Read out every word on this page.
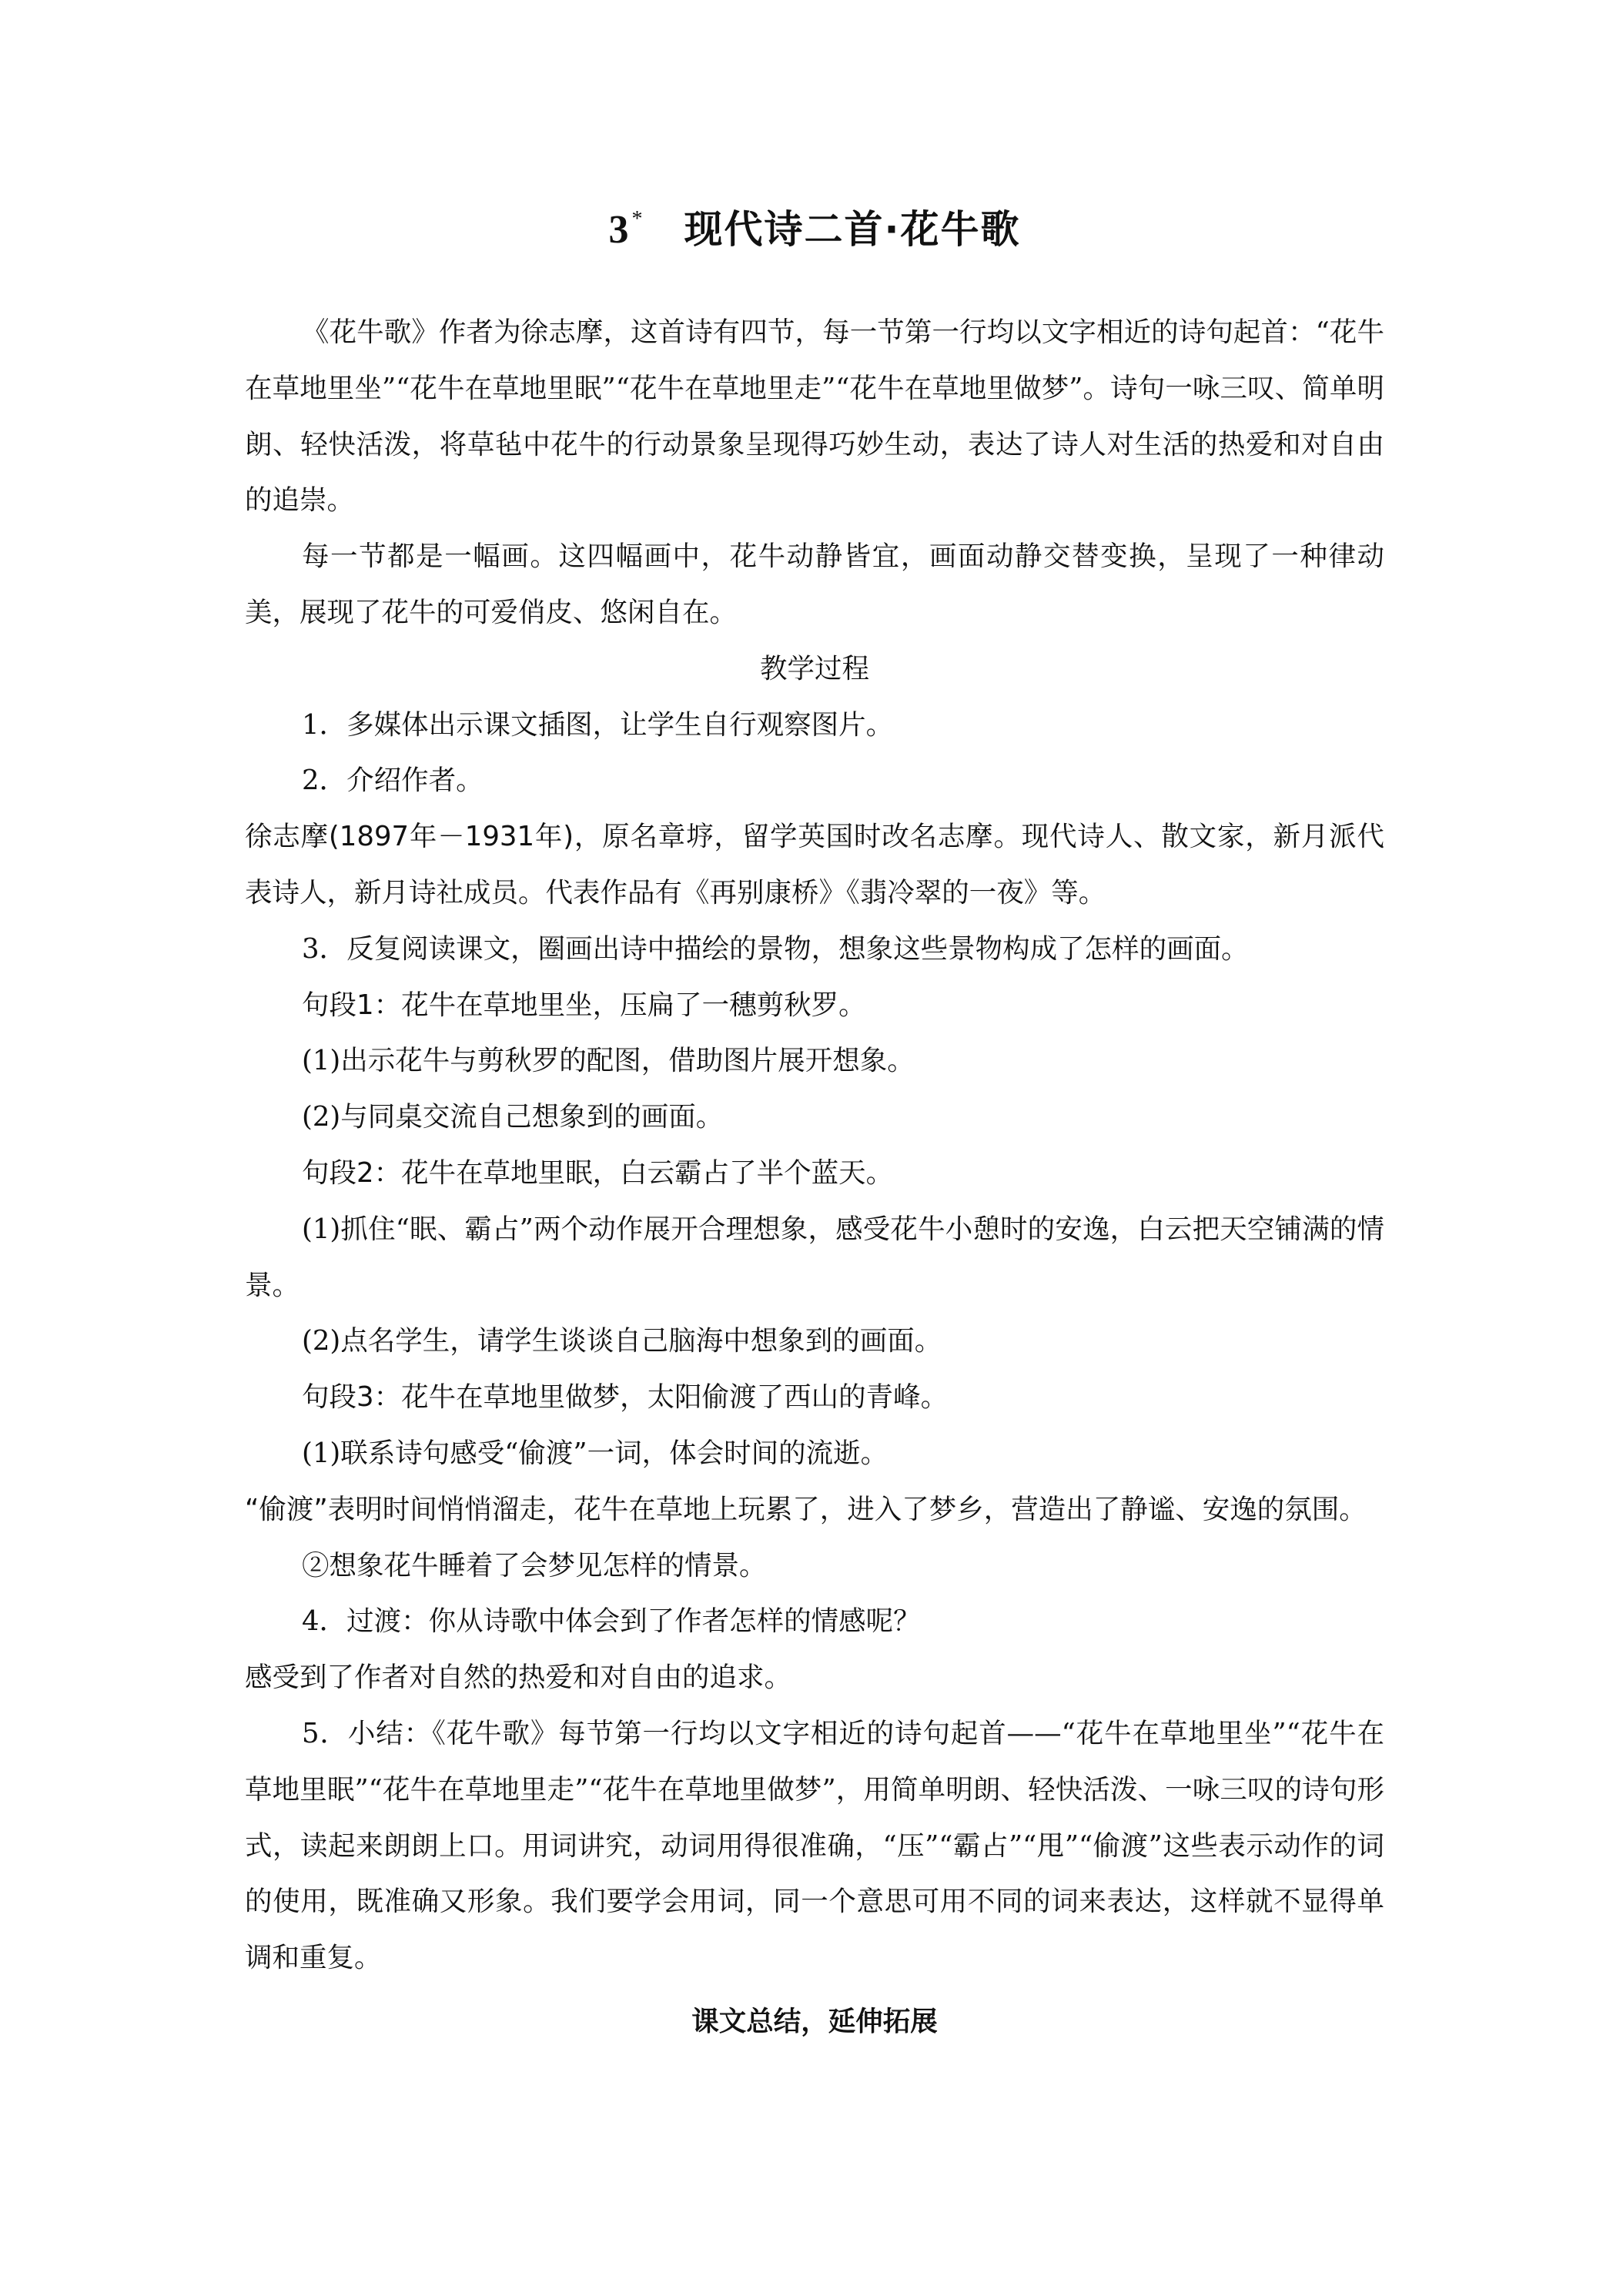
3* 现代诗二首·花牛歌

《花牛歌》作者为徐志摩，这首诗有四节，每一节第一行均以文字相近的诗句起首：“花牛在草地里坐”“花牛在草地里眠”“花牛在草地里走”“花牛在草地里做梦”。诗句一咏三叹、简单明朗、轻快活泼，将草毡中花牛的行动景象呈现得巧妙生动，表达了诗人对生活的热爱和对自由的追崇。

每一节都是一幅画。这四幅画中，花牛动静皆宜，画面动静交替变换，呈现了一种律动美，展现了花牛的可爱俏皮、悠闲自在。

教学过程

1．多媒体出示课文插图，让学生自行观察图片。

2．介绍作者。

徐志摩(1897年－1931年)，原名章垿，留学英国时改名志摩。现代诗人、散文家，新月派代表诗人，新月诗社成员。代表作品有《再别康桥》《翡冷翠的一夜》等。

3．反复阅读课文，圈画出诗中描绘的景物，想象这些景物构成了怎样的画面。

句段1：花牛在草地里坐，压扁了一穗剪秋罗。

(1)出示花牛与剪秋罗的配图，借助图片展开想象。

(2)与同桌交流自己想象到的画面。

句段2：花牛在草地里眠，白云霸占了半个蓝天。

(1)抓住“眠、霸占”两个动作展开合理想象，感受花牛小憩时的安逸，白云把天空铺满的情景。

(2)点名学生，请学生谈谈自己脑海中想象到的画面。

句段3：花牛在草地里做梦，太阳偷渡了西山的青峰。

(1)联系诗句感受“偷渡”一词，体会时间的流逝。

“偷渡”表明时间悄悄溜走，花牛在草地上玩累了，进入了梦乡，营造出了静谧、安逸的氛围。

②想象花牛睡着了会梦见怎样的情景。

4．过渡：你从诗歌中体会到了作者怎样的情感呢？

感受到了作者对自然的热爱和对自由的追求。

5．小结：《花牛歌》每节第一行均以文字相近的诗句起首——“花牛在草地里坐”“花牛在草地里眠”“花牛在草地里走”“花牛在草地里做梦”，用简单明朗、轻快活泼、一咏三叹的诗句形式，读起来朗朗上口。用词讲究，动词用得很准确，“压”“霸占”“甩”“偷渡”这些表示动作的词的使用，既准确又形象。我们要学会用词，同一个意思可用不同的词来表达，这样就不显得单调和重复。

课文总结，延伸拓展
